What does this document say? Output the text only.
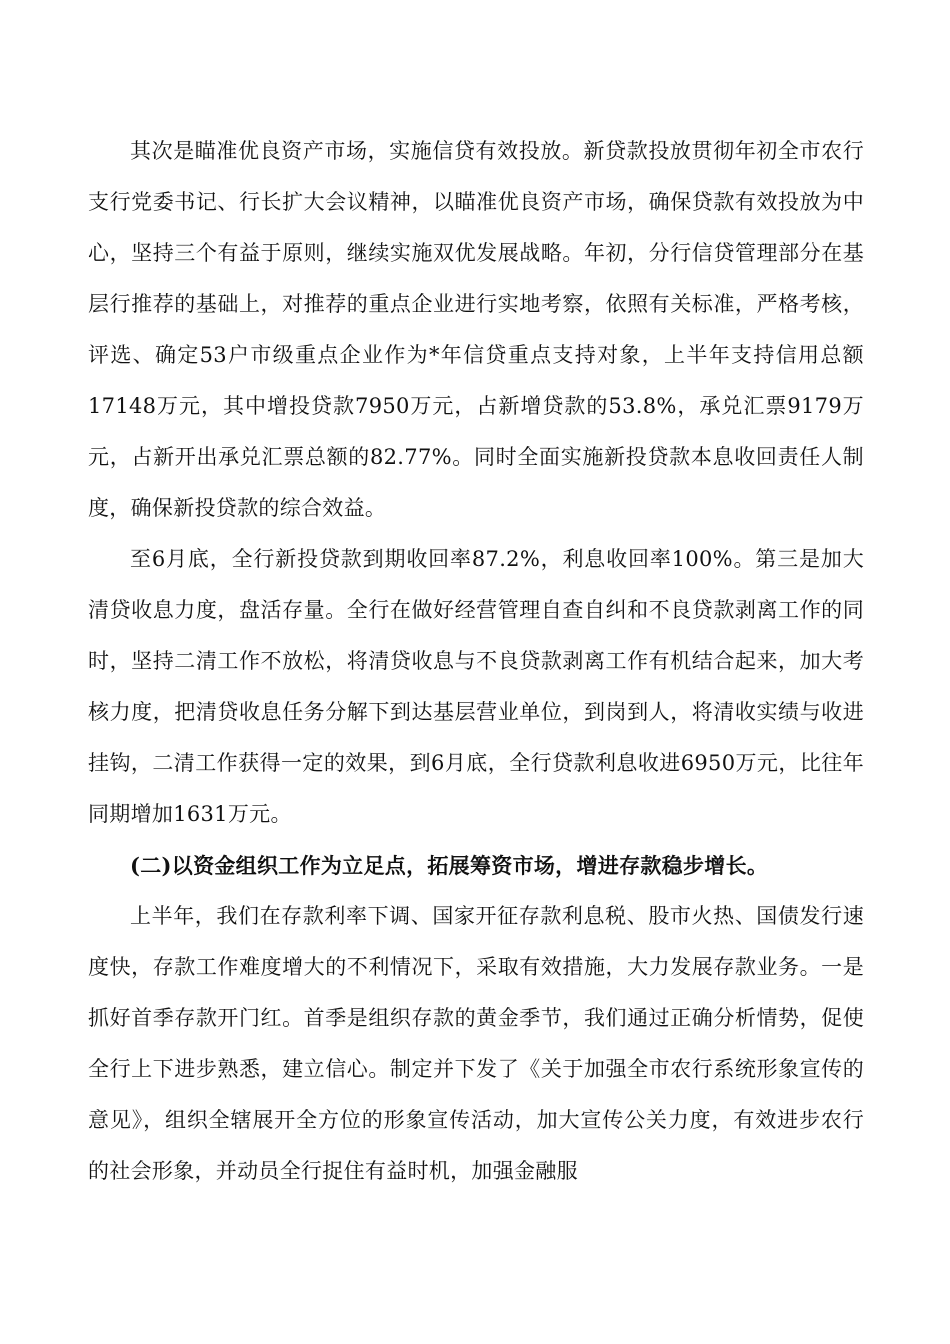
其次是瞄准优良资产市场，实施信贷有效投放。新贷款投放贯彻年初全市农行支行党委书记、行长扩大会议精神，以瞄准优良资产市场，确保贷款有效投放为中心，坚持三个有益于原则，继续实施双优发展战略。年初，分行信贷管理部分在基层行推荐的基础上，对推荐的重点企业进行实地考察，依照有关标准，严格考核，评选、确定53户市级重点企业作为*年信贷重点支持对象，上半年支持信用总额17148万元，其中增投贷款7950万元，占新增贷款的53.8%，承兑汇票9179万元，占新开出承兑汇票总额的82.77%。同时全面实施新投贷款本息收回责任人制度，确保新投贷款的综合效益。

至6月底，全行新投贷款到期收回率87.2%，利息收回率100%。第三是加大清贷收息力度，盘活存量。全行在做好经营管理自查自纠和不良贷款剥离工作的同时，坚持二清工作不放松，将清贷收息与不良贷款剥离工作有机结合起来，加大考核力度，把清贷收息任务分解下到达基层营业单位，到岗到人，将清收实绩与收进挂钩，二清工作获得一定的效果，到6月底，全行贷款利息收进6950万元，比往年同期增加1631万元。

(二)以资金组织工作为立足点，拓展筹资市场，增进存款稳步增长。

上半年，我们在存款利率下调、国家开征存款利息税、股市火热、国债发行速度快，存款工作难度增大的不利情况下，采取有效措施，大力发展存款业务。一是抓好首季存款开门红。首季是组织存款的黄金季节，我们通过正确分析情势，促使全行上下进步熟悉，建立信心。制定并下发了《关于加强全市农行系统形象宣传的意见》，组织全辖展开全方位的形象宣传活动，加大宣传公关力度，有效进步农行的社会形象，并动员全行捉住有益时机，加强金融服
